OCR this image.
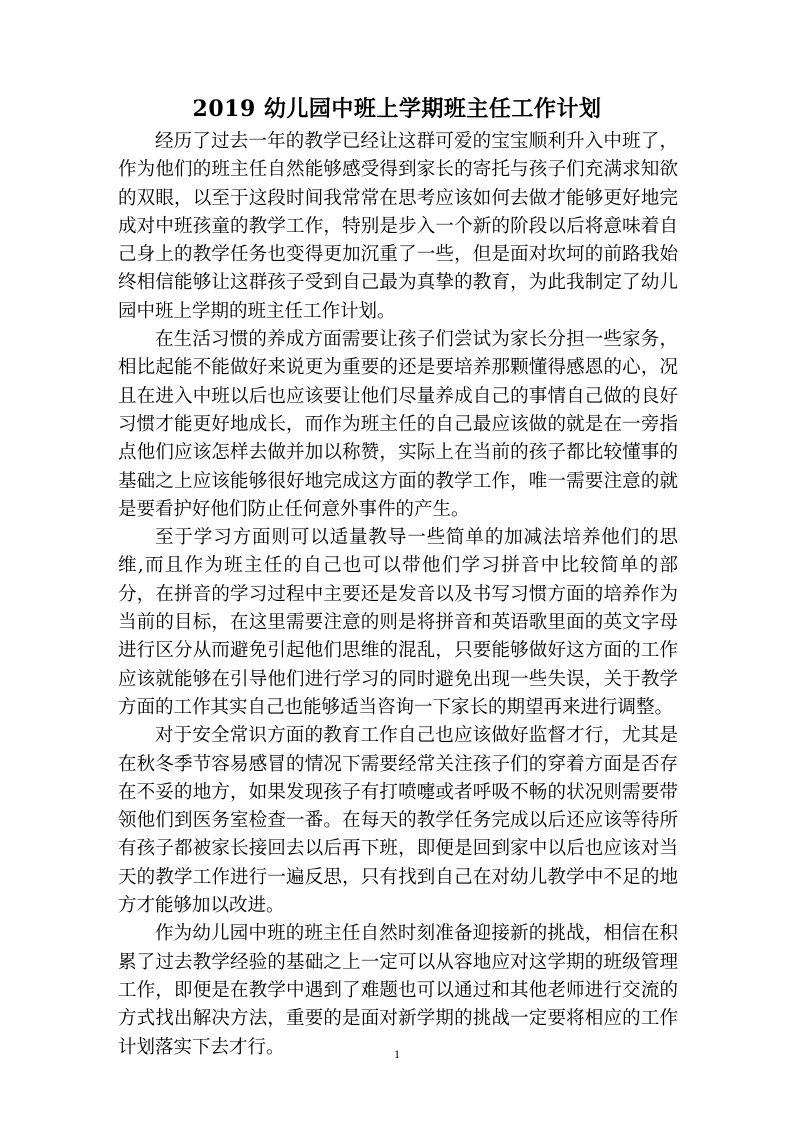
2019 幼儿园中班上学期班主任工作计划

经历了过去一年的教学已经让这群可爱的宝宝顺利升入中班了，作为他们的班主任自然能够感受得到家长的寄托与孩子们充满求知欲的双眼，以至于这段时间我常常在思考应该如何去做才能够更好地完成对中班孩童的教学工作，特别是步入一个新的阶段以后将意味着自己身上的教学任务也变得更加沉重了一些，但是面对坎坷的前路我始终相信能够让这群孩子受到自己最为真挚的教育，为此我制定了幼儿园中班上学期的班主任工作计划。

在生活习惯的养成方面需要让孩子们尝试为家长分担一些家务，相比起能不能做好来说更为重要的还是要培养那颗懂得感恩的心，况且在进入中班以后也应该要让他们尽量养成自己的事情自己做的良好习惯才能更好地成长，而作为班主任的自己最应该做的就是在一旁指点他们应该怎样去做并加以称赞，实际上在当前的孩子都比较懂事的基础之上应该能够很好地完成这方面的教学工作，唯一需要注意的就是要看护好他们防止任何意外事件的产生。

至于学习方面则可以适量教导一些简单的加减法培养他们的思维,而且作为班主任的自己也可以带他们学习拼音中比较简单的部分，在拼音的学习过程中主要还是发音以及书写习惯方面的培养作为当前的目标，在这里需要注意的则是将拼音和英语歌里面的英文字母进行区分从而避免引起他们思维的混乱，只要能够做好这方面的工作应该就能够在引导他们进行学习的同时避免出现一些失误，关于教学方面的工作其实自己也能够适当咨询一下家长的期望再来进行调整。

对于安全常识方面的教育工作自己也应该做好监督才行，尤其是在秋冬季节容易感冒的情况下需要经常关注孩子们的穿着方面是否存在不妥的地方，如果发现孩子有打喷嚏或者呼吸不畅的状况则需要带领他们到医务室检查一番。在每天的教学任务完成以后还应该等待所有孩子都被家长接回去以后再下班，即便是回到家中以后也应该对当天的教学工作进行一遍反思，只有找到自己在对幼儿教学中不足的地方才能够加以改进。

作为幼儿园中班的班主任自然时刻准备迎接新的挑战，相信在积累了过去教学经验的基础之上一定可以从容地应对这学期的班级管理工作，即便是在教学中遇到了难题也可以通过和其他老师进行交流的方式找出解决方法，重要的是面对新学期的挑战一定要将相应的工作计划落实下去才行。	1
